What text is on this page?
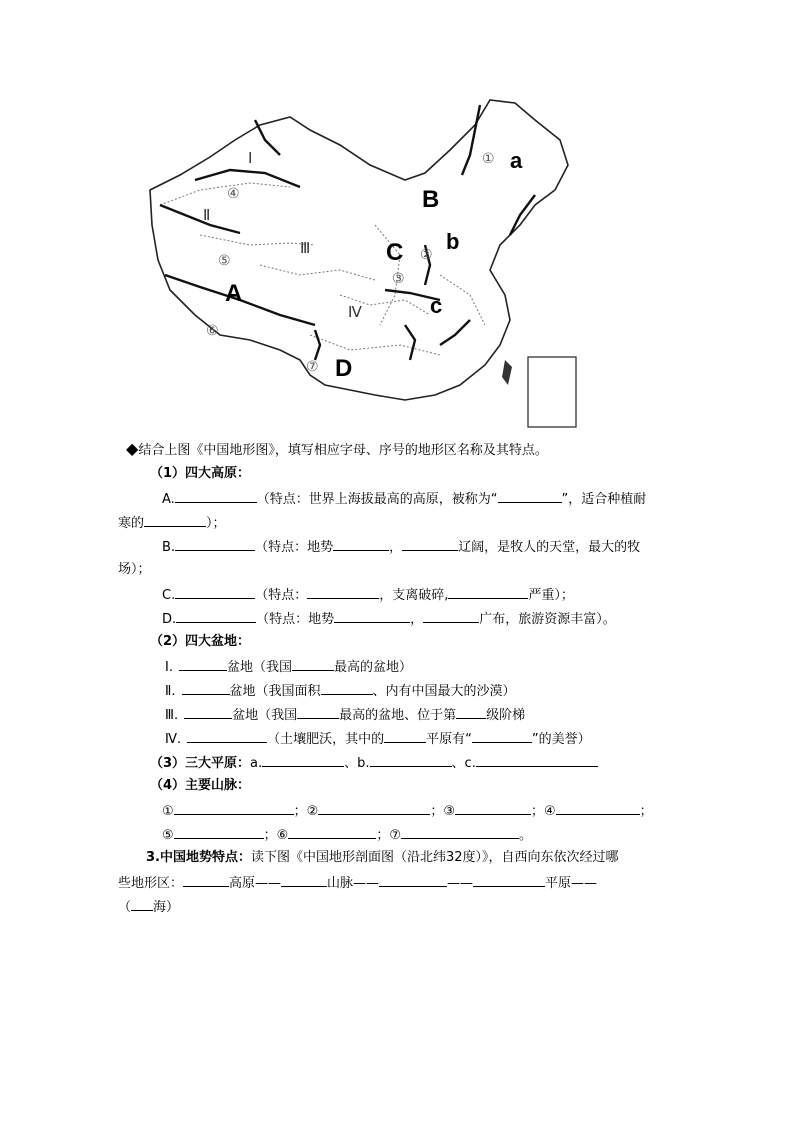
A
B
C
D
a
b
c
Ⅰ
Ⅱ
Ⅲ
Ⅳ
①
②
③
④
⑤
⑥
⑦
◆结合上图《中国地形图》，填写相应字母、序号的地形区名称及其特点。
（1）四大高原：
A.	（特点：世界上海拔最高的高原，被称为“	”，适合种植耐
寒的	）；
B.	（特点：地势	，	辽阔，是牧人的天堂，最大的牧
场）；
C.	（特点：	，支离破碎,	严重）；
D.	（特点：地势	，	广布，旅游资源丰富）。
（2）四大盆地：
Ⅰ.	盆地（我国	最高的盆地）
Ⅱ.	盆地（我国面积	、内有中国最大的沙漠）
Ⅲ.	盆地（我国	最高的盆地、位于第 级阶梯
Ⅳ.	（土壤肥沃，其中的	平原有“	”的美誉）
（3）三大平原：a.	、b.	、c.
（4）主要山脉：
①	；②	；③	；④	；
⑤	；⑥	；⑦	。
3.中国地势特点：读下图《中国地形剖面图（沿北纬32度）》，自西向东依次经过哪
些地形区：	高原——	山脉——	——	平原——
（ 海）
